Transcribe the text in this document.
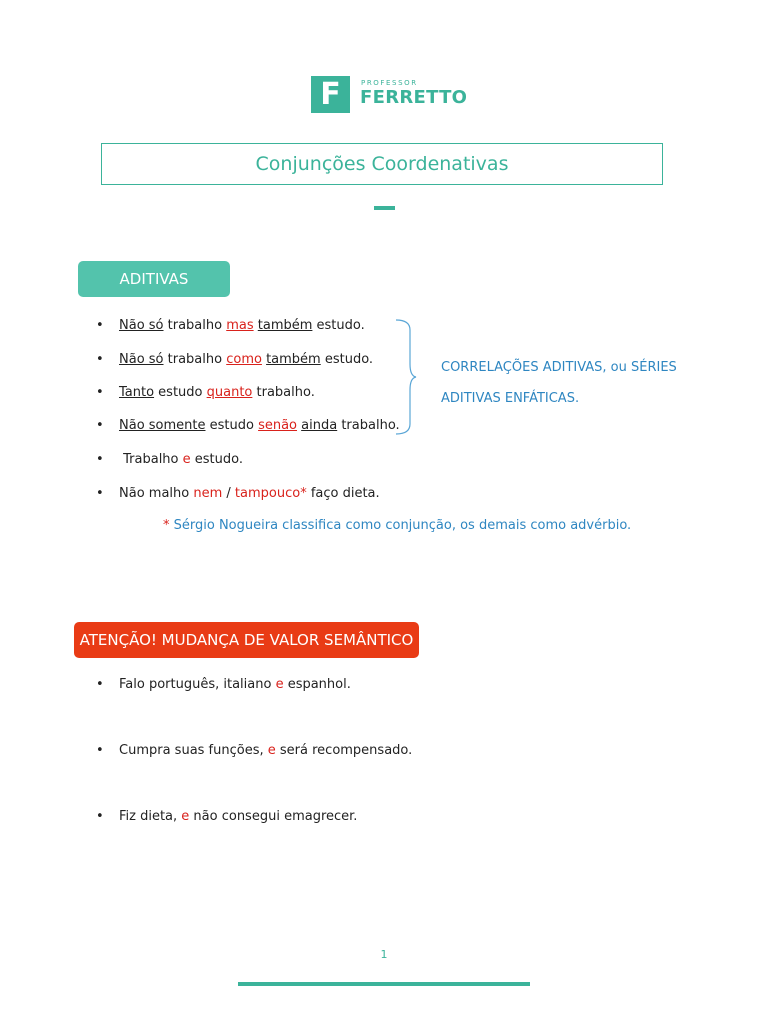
F	PROFESSOR
FERRETTO
Conjunções Coordenativas
ADITIVAS
• Não só trabalho mas também estudo.
• Não só trabalho como também estudo.
• Tanto estudo quanto trabalho.
• Não somente estudo senão ainda trabalho.
• Trabalho e estudo.
• Não malho nem / tampouco* faço dieta.
* Sérgio Nogueira classifica como conjunção, os demais como advérbio.
CORRELAÇÕES ADITIVAS, ou SÉRIES
ADITIVAS ENFÁTICAS.
ATENÇÃO! MUDANÇA DE VALOR SEMÂNTICO
• Falo português, italiano e espanhol.
• Cumpra suas funções, e será recompensado.
• Fiz dieta, e não consegui emagrecer.
1
